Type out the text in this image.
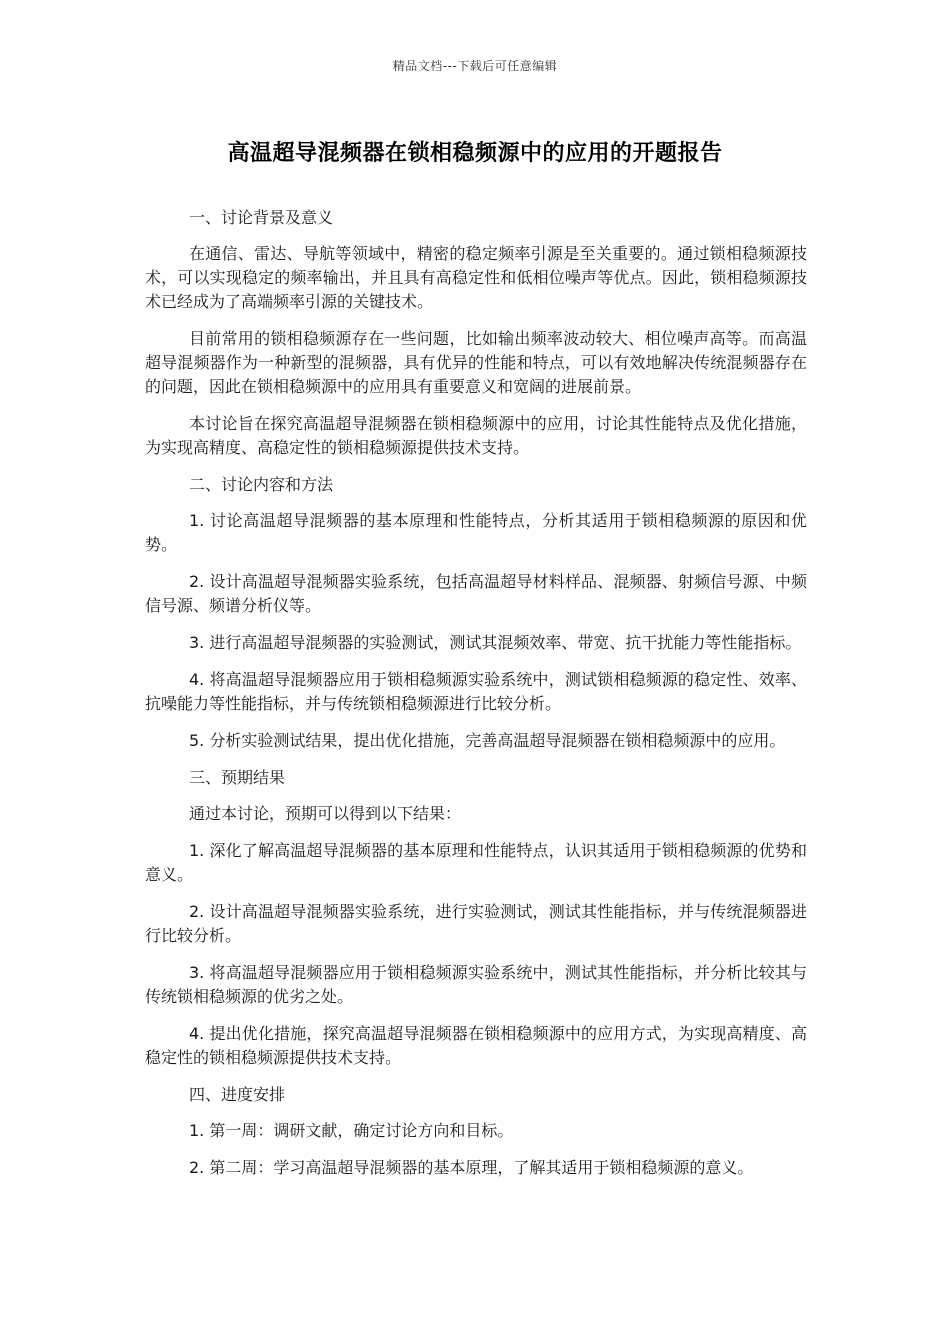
精品文档---下载后可任意编辑
高温超导混频器在锁相稳频源中的应用的开题报告

一、讨论背景及意义

在通信、雷达、导航等领域中，精密的稳定频率引源是至关重要的。通过锁相稳频源技术，可以实现稳定的频率输出，并且具有高稳定性和低相位噪声等优点。因此，锁相稳频源技术已经成为了高端频率引源的关键技术。

目前常用的锁相稳频源存在一些问题，比如输出频率波动较大、相位噪声高等。而高温超导混频器作为一种新型的混频器，具有优异的性能和特点，可以有效地解决传统混频器存在的问题，因此在锁相稳频源中的应用具有重要意义和宽阔的进展前景。

本讨论旨在探究高温超导混频器在锁相稳频源中的应用，讨论其性能特点及优化措施，为实现高精度、高稳定性的锁相稳频源提供技术支持。

二、讨论内容和方法

1. 讨论高温超导混频器的基本原理和性能特点，分析其适用于锁相稳频源的原因和优势。

2. 设计高温超导混频器实验系统，包括高温超导材料样品、混频器、射频信号源、中频信号源、频谱分析仪等。

3. 进行高温超导混频器的实验测试，测试其混频效率、带宽、抗干扰能力等性能指标。

4. 将高温超导混频器应用于锁相稳频源实验系统中，测试锁相稳频源的稳定性、效率、抗噪能力等性能指标，并与传统锁相稳频源进行比较分析。

5. 分析实验测试结果，提出优化措施，完善高温超导混频器在锁相稳频源中的应用。

三、预期结果

通过本讨论，预期可以得到以下结果：

1. 深化了解高温超导混频器的基本原理和性能特点，认识其适用于锁相稳频源的优势和意义。

2. 设计高温超导混频器实验系统，进行实验测试，测试其性能指标，并与传统混频器进行比较分析。

3. 将高温超导混频器应用于锁相稳频源实验系统中，测试其性能指标，并分析比较其与传统锁相稳频源的优劣之处。

4. 提出优化措施，探究高温超导混频器在锁相稳频源中的应用方式，为实现高精度、高稳定性的锁相稳频源提供技术支持。

四、进度安排

1. 第一周：调研文献，确定讨论方向和目标。

2. 第二周：学习高温超导混频器的基本原理，了解其适用于锁相稳频源的意义。
